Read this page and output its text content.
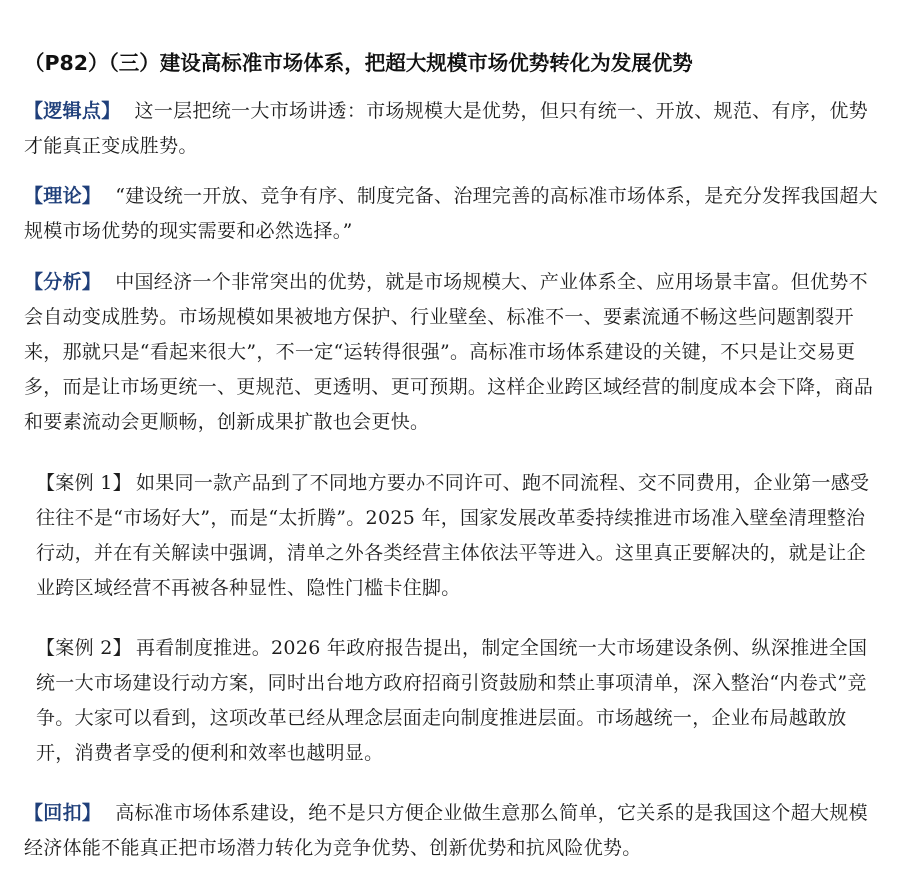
（P82）（三）建设高标准市场体系，把超大规模市场优势转化为发展优势
【逻辑点】 这一层把统一大市场讲透：市场规模大是优势，但只有统一、开放、规范、有序，优势才能真正变成胜势。
【理论】 “建设统一开放、竞争有序、制度完备、治理完善的高标准市场体系，是充分发挥我国超大规模市场优势的现实需要和必然选择。”
【分析】 中国经济一个非常突出的优势，就是市场规模大、产业体系全、应用场景丰富。但优势不会自动变成胜势。市场规模如果被地方保护、行业壁垒、标准不一、要素流通不畅这些问题割裂开来，那就只是“看起来很大”，不一定“运转得很强”。高标准市场体系建设的关键，不只是让交易更多，而是让市场更统一、更规范、更透明、更可预期。这样企业跨区域经营的制度成本会下降，商品和要素流动会更顺畅，创新成果扩散也会更快。
【案例 1】 如果同一款产品到了不同地方要办不同许可、跑不同流程、交不同费用，企业第一感受往往不是“市场好大”，而是“太折腾”。2025 年，国家发展改革委持续推进市场准入壁垒清理整治行动，并在有关解读中强调，清单之外各类经营主体依法平等进入。这里真正要解决的，就是让企业跨区域经营不再被各种显性、隐性门槛卡住脚。
【案例 2】 再看制度推进。2026 年政府报告提出，制定全国统一大市场建设条例、纵深推进全国统一大市场建设行动方案，同时出台地方政府招商引资鼓励和禁止事项清单，深入整治“内卷式”竞争。大家可以看到，这项改革已经从理念层面走向制度推进层面。市场越统一，企业布局越敢放开，消费者享受的便利和效率也越明显。
【回扣】 高标准市场体系建设，绝不是只方便企业做生意那么简单，它关系的是我国这个超大规模经济体能不能真正把市场潜力转化为竞争优势、创新优势和抗风险优势。
